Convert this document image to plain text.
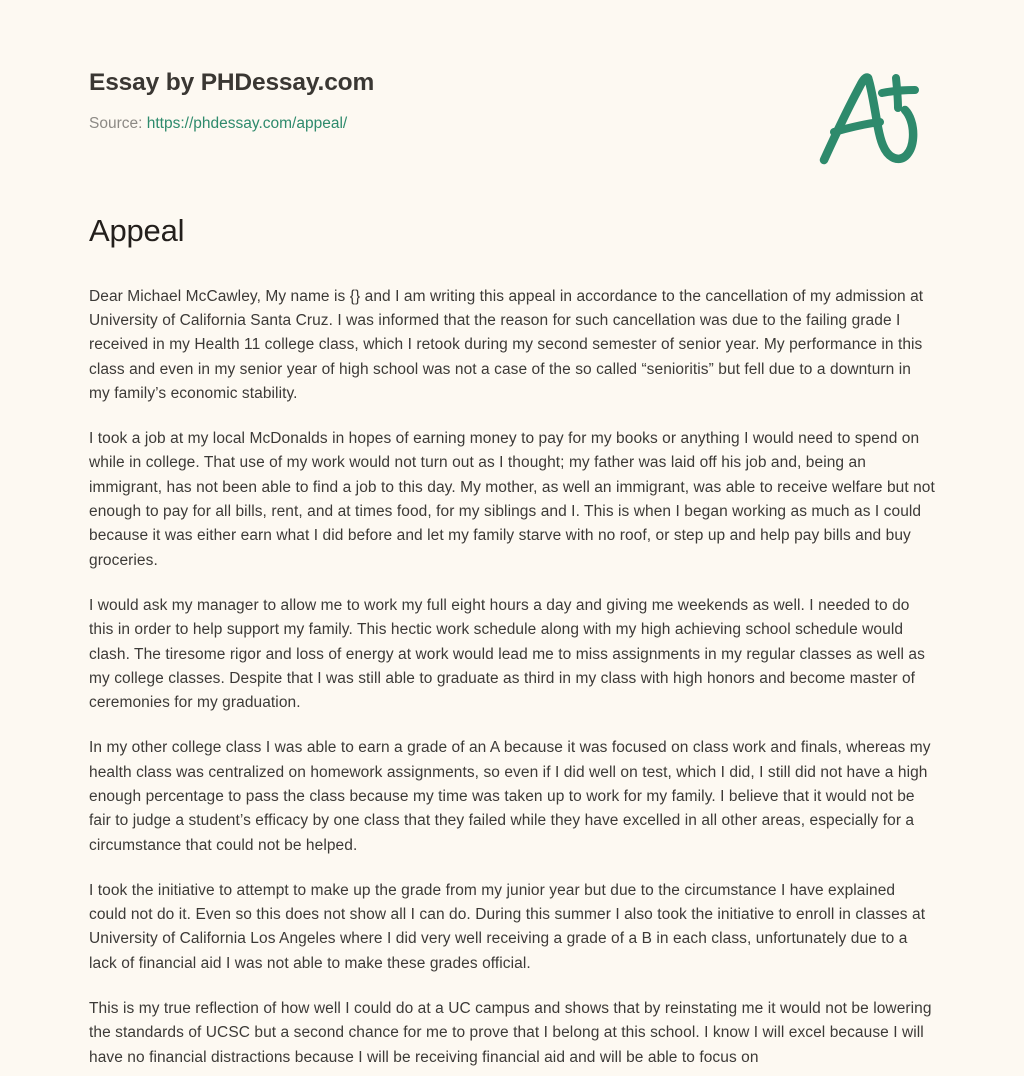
Essay by PHDessay.com
Source: https://phdessay.com/appeal/
Appeal

Dear Michael McCawley, My name is {} and I am writing this appeal in accordance to the cancellation of my admission at University of California Santa Cruz. I was informed that the reason for such cancellation was due to the failing grade I received in my Health 11 college class, which I retook during my second semester of senior year. My performance in this class and even in my senior year of high school was not a case of the so called “senioritis” but fell due to a downturn in my family’s economic stability.

I took a job at my local McDonalds in hopes of earning money to pay for my books or anything I would need to spend on while in college. That use of my work would not turn out as I thought; my father was laid off his job and, being an immigrant, has not been able to find a job to this day. My mother, as well an immigrant, was able to receive welfare but not enough to pay for all bills, rent, and at times food, for my siblings and I. This is when I began working as much as I could because it was either earn what I did before and let my family starve with no roof, or step up and help pay bills and buy groceries.

I would ask my manager to allow me to work my full eight hours a day and giving me weekends as well. I needed to do this in order to help support my family. This hectic work schedule along with my high achieving school schedule would clash. The tiresome rigor and loss of energy at work would lead me to miss assignments in my regular classes as well as my college classes. Despite that I was still able to graduate as third in my class with high honors and become master of ceremonies for my graduation.

In my other college class I was able to earn a grade of an A because it was focused on class work and finals, whereas my health class was centralized on homework assignments, so even if I did well on test, which I did, I still did not have a high enough percentage to pass the class because my time was taken up to work for my family. I believe that it would not be fair to judge a student’s efficacy by one class that they failed while they have excelled in all other areas, especially for a circumstance that could not be helped.

I took the initiative to attempt to make up the grade from my junior year but due to the circumstance I have explained could not do it. Even so this does not show all I can do. During this summer I also took the initiative to enroll in classes at University of California Los Angeles where I did very well receiving a grade of a B in each class, unfortunately due to a lack of financial aid I was not able to make these grades official.

This is my true reflection of how well I could do at a UC campus and shows that by reinstating me it would not be lowering the standards of UCSC but a second chance for me to prove that I belong at this school. I know I will excel because I will have no financial distractions because I will be receiving financial aid and will be able to focus on
